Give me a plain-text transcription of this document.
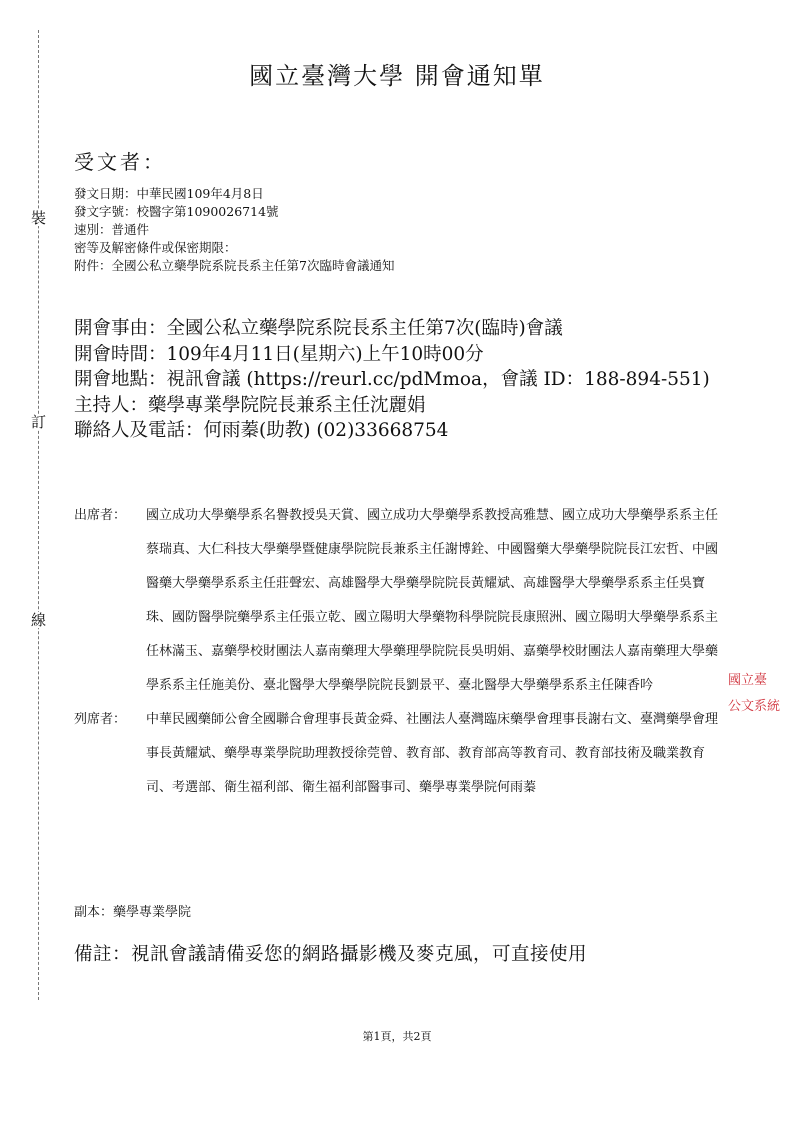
裝
訂
線
國立臺灣大學 開會通知單
受文者：
發文日期：中華民國109年4月8日
發文字號：校醫字第1090026714號
速別：普通件
密等及解密條件或保密期限：
附件：全國公私立藥學院系院長系主任第7次臨時會議通知
開會事由： 全國公私立藥學院系院長系主任第7次(臨時)會議
開會時間： 109年4月11日(星期六)上午10時00分
開會地點： 視訊會議 (https://reurl.cc/pdMmoa，會議 ID：188-894-551)
主持人：藥學專業學院院長兼系主任沈麗娟
聯絡人及電話：何雨蓁(助教) (02)33668754
出席者：	國立成功大學藥學系名譽教授吳天賞、國立成功大學藥學系教授高雅慧、國立成功大學藥學系系主任蔡瑞真、大仁科技大學藥學暨健康學院院長兼系主任謝博銓、中國醫藥大學藥學院院長江宏哲、中國醫藥大學藥學系系主任莊聲宏、高雄醫學大學藥學院院長黃耀斌、高雄醫學大學藥學系系主任吳寶珠、國防醫學院藥學系主任張立乾、國立陽明大學藥物科學院院長康照洲、國立陽明大學藥學系系主任林滿玉、嘉藥學校財團法人嘉南藥理大學藥理學院院長吳明娟、嘉藥學校財團法人嘉南藥理大學藥學系系主任施美份、臺北醫學大學藥學院院長劉景平、臺北醫學大學藥學系系主任陳香吟
列席者：	中華民國藥師公會全國聯合會理事長黃金舜、社團法人臺灣臨床藥學會理事長謝右文、臺灣藥學會理事長黃耀斌、藥學專業學院助理教授徐莞曾、教育部、教育部高等教育司、教育部技術及職業教育司、考選部、衛生福利部、衛生福利部醫事司、藥學專業學院何雨蓁
副本：藥學專業學院
備註：視訊會議請備妥您的網路攝影機及麥克風，可直接使用
國立臺
公文系統
第1頁，共2頁
